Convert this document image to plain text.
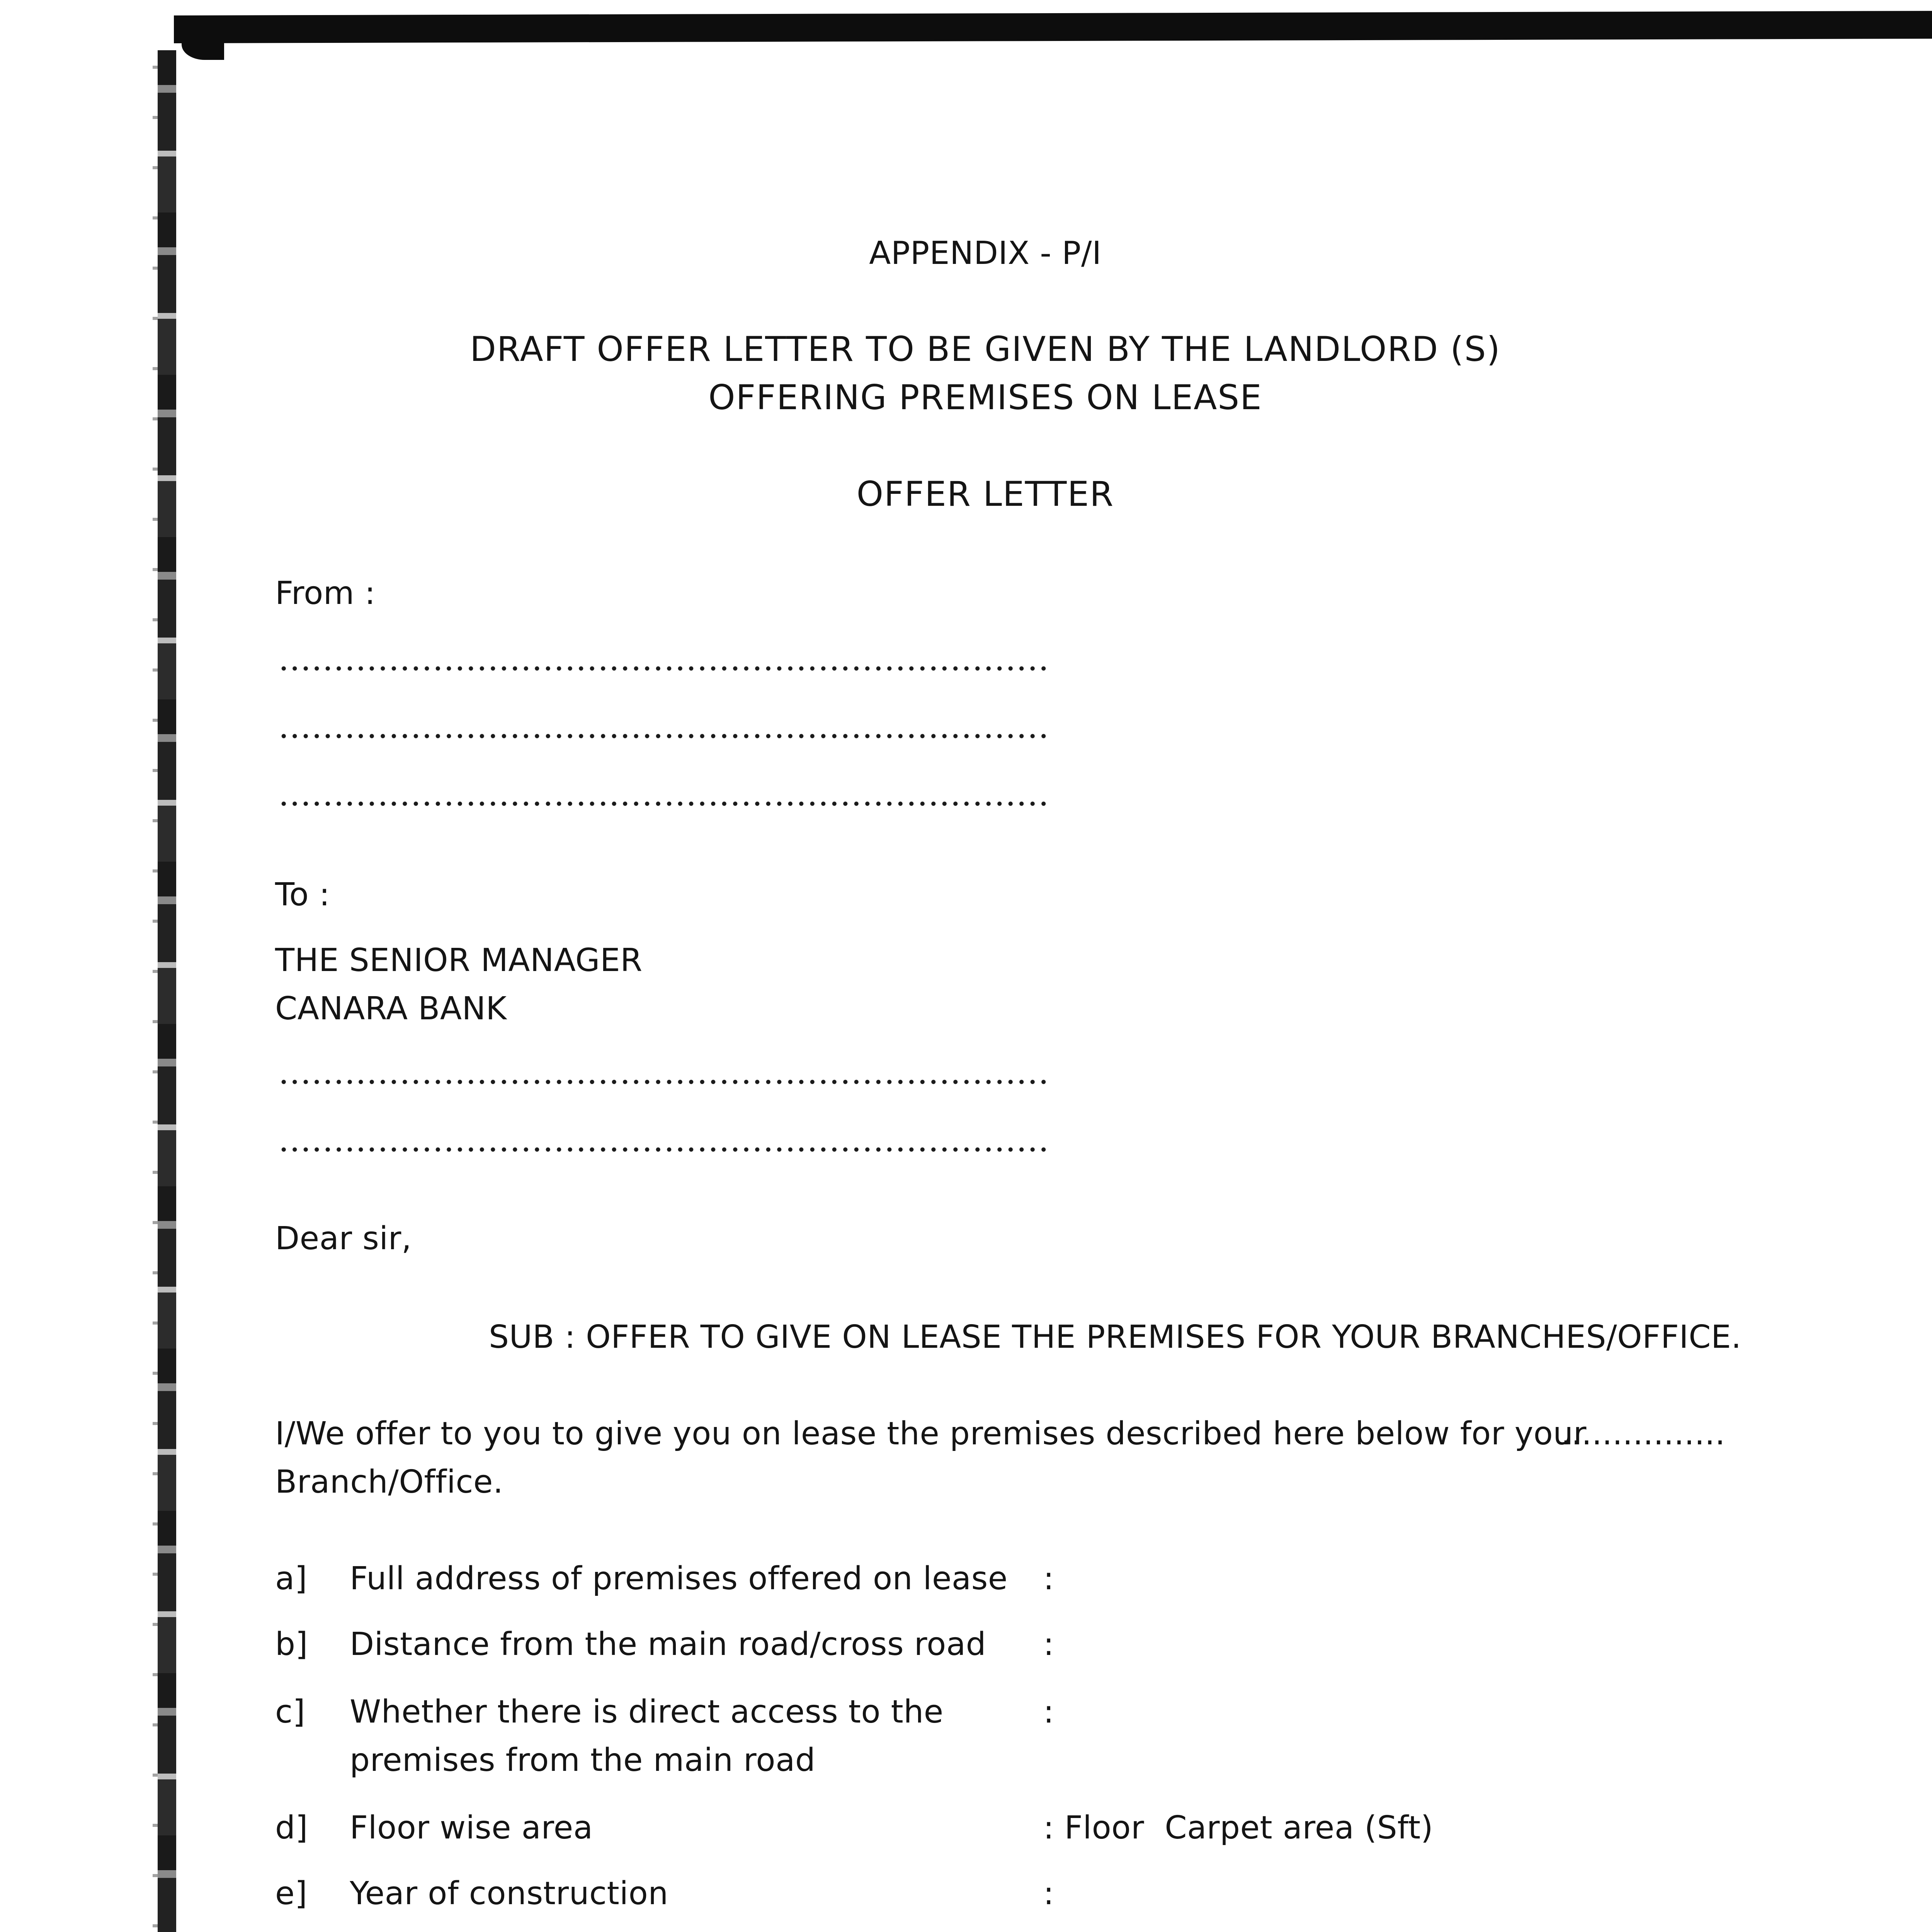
APPENDIX - P/I
DRAFT OFFER LETTER TO BE GIVEN BY THE LANDLORD (S)
OFFERING PREMISES ON LEASE
OFFER LETTER
From :
To :
THE SENIOR MANAGER
CANARA BANK
Dear sir,
SUB : OFFER TO GIVE ON LEASE THE PREMISES FOR YOUR BRANCHES/OFFICE.
I/We offer to you to give you on lease the premises described here below for your
................
Branch/Office.
a] Full address of premises offered on lease :
b] Distance from the main road/cross road :
c] Whether there is direct access to the
premises from the main road
:
d] Floor wise area	: Floor  Carpet area (Sft)
e] Year of construction	:
